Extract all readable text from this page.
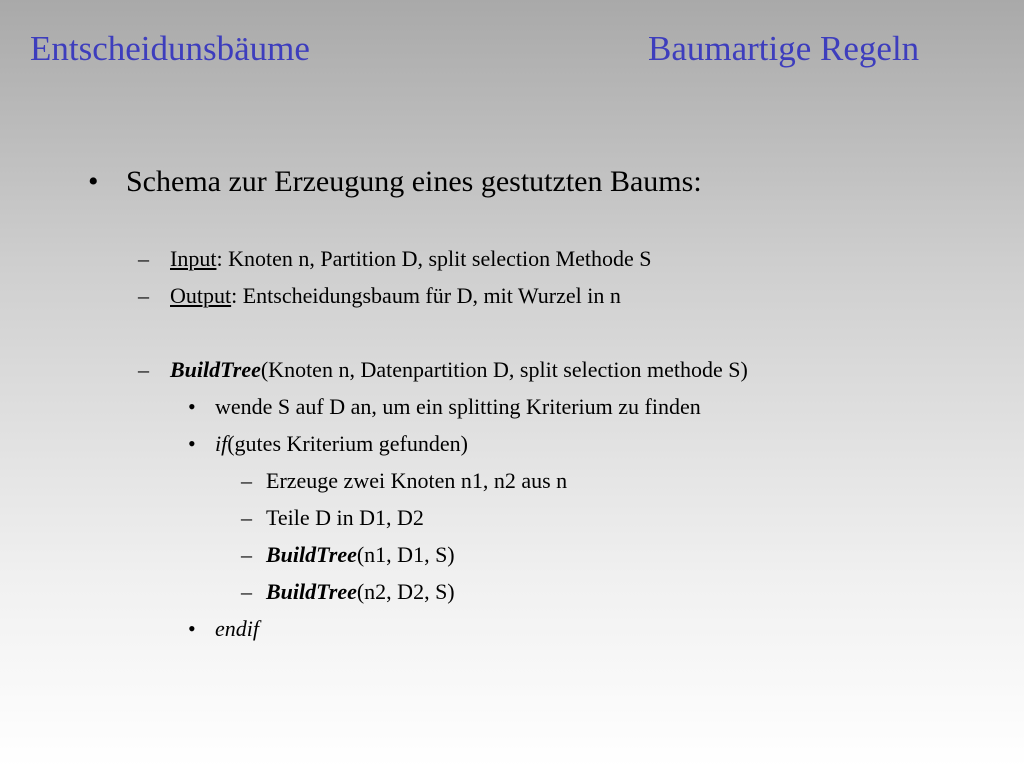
Entscheidunsbäume	Baumartige Regeln
• Schema zur Erzeugung eines gestutzten Baums:
– Input: Knoten n, Partition D, split selection Methode S
– Output: Entscheidungsbaum für D, mit Wurzel in n
– BuildTree(Knoten n, Datenpartition D, split selection methode S)
• wende S auf D an, um ein splitting Kriterium zu finden
• if(gutes Kriterium gefunden)
– Erzeuge zwei Knoten n1, n2 aus n
– Teile D in D1, D2
– BuildTree(n1, D1, S)
– BuildTree(n2, D2, S)
• endif
